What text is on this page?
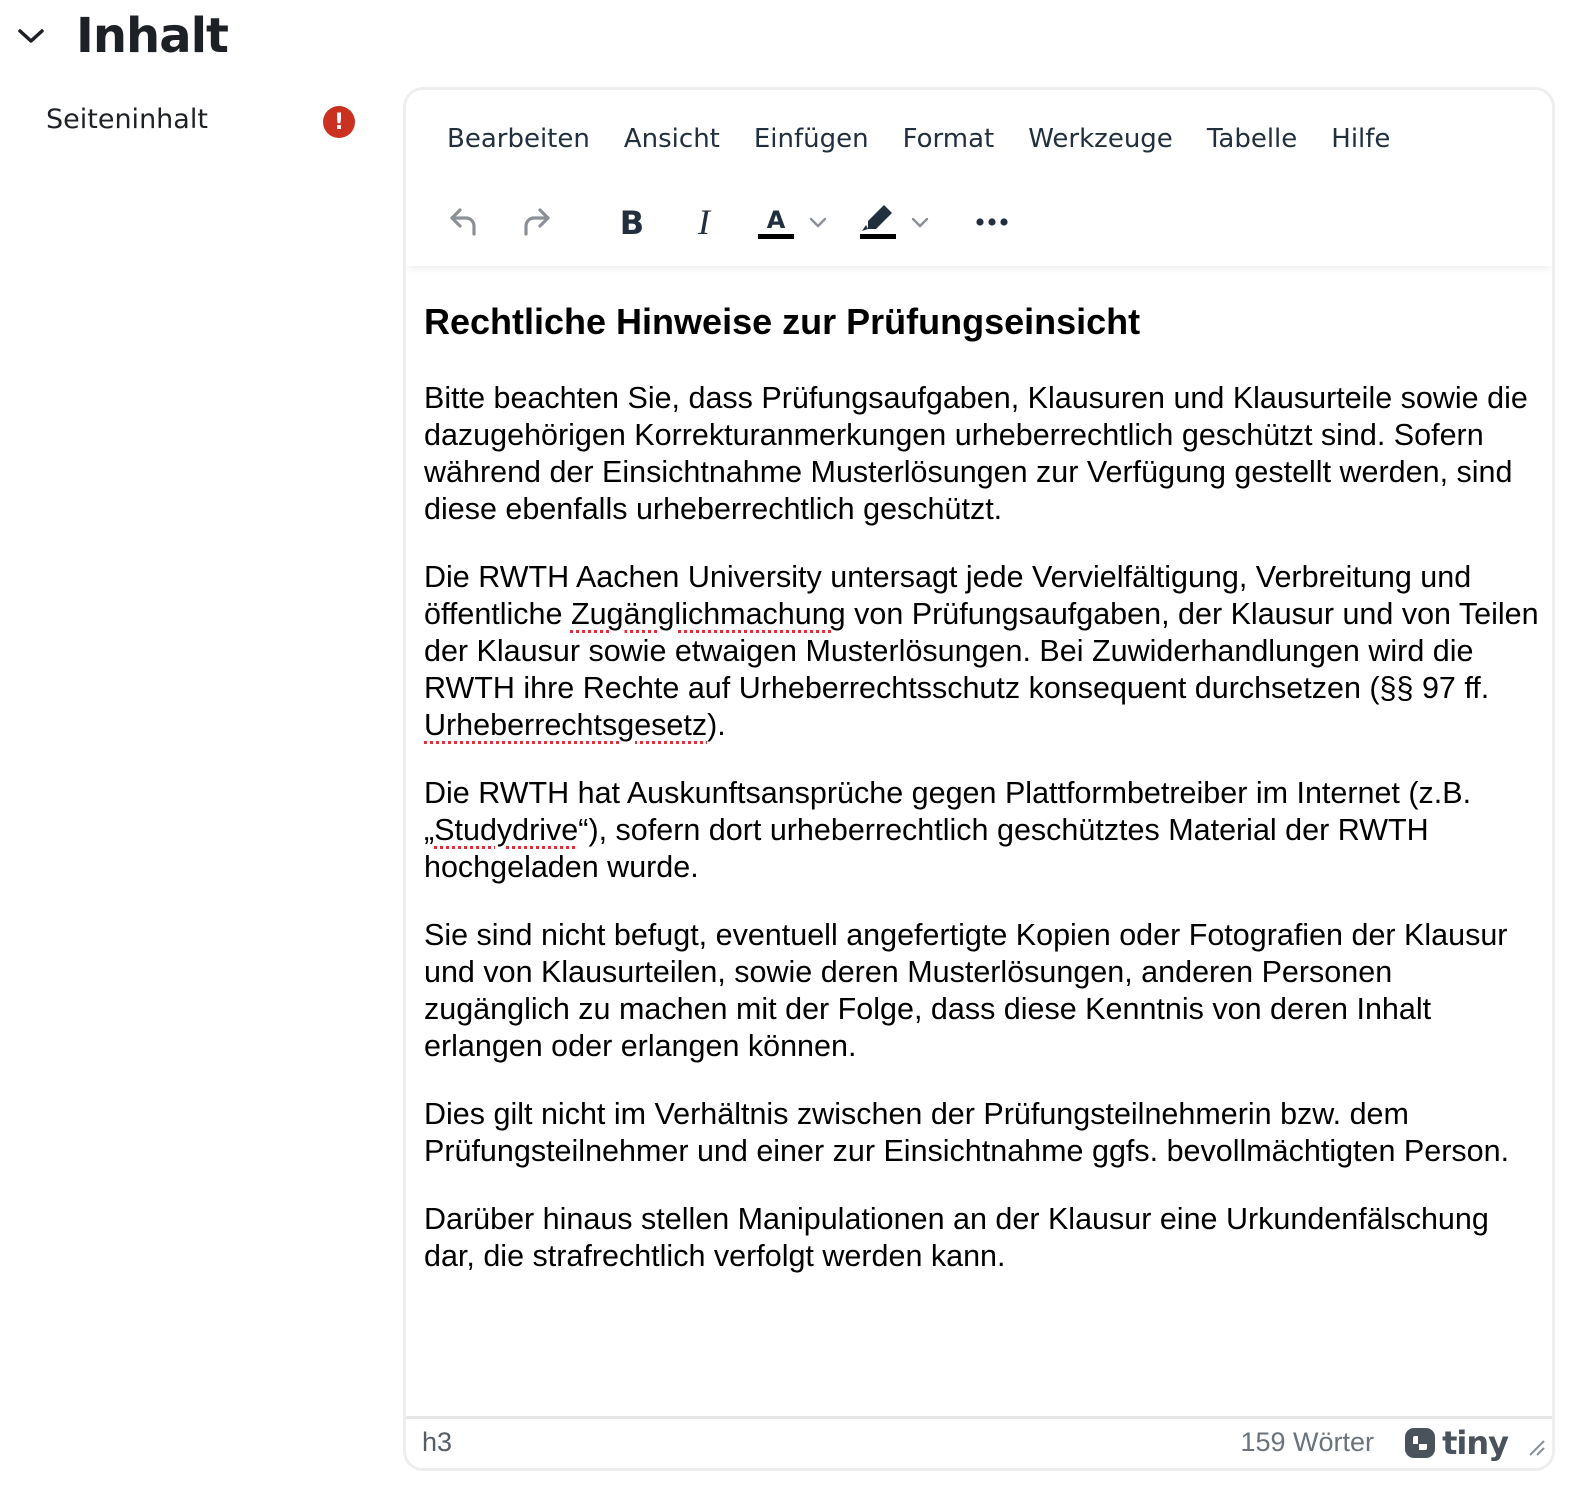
Inhalt
Seiteninhalt	!
Bearbeiten	Ansicht	Einfügen	Format	Werkzeuge	Tabelle	Hilfe
B I A
Rechtliche Hinweise zur Prüfungseinsicht

Bitte beachten Sie, dass Prüfungsaufgaben, Klausuren und Klausurteile sowie die dazugehörigen Korrekturanmerkungen urheberrechtlich geschützt sind. Sofern während der Einsichtnahme Musterlösungen zur Verfügung gestellt werden, sind diese ebenfalls urheberrechtlich geschützt.

Die RWTH Aachen University untersagt jede Vervielfältigung, Verbreitung und öffentliche Zugänglichmachung von Prüfungsaufgaben, der Klausur und von Teilen der Klausur sowie etwaigen Musterlösungen. Bei Zuwiderhandlungen wird die RWTH ihre Rechte auf Urheberrechtsschutz konsequent durchsetzen (§§ 97 ff. Urheberrechtsgesetz).

Die RWTH hat Auskunftsansprüche gegen Plattformbetreiber im Internet (z.B. „Studydrive“), sofern dort urheberrechtlich geschütztes Material der RWTH hochgeladen wurde.

Sie sind nicht befugt, eventuell angefertigte Kopien oder Fotografien der Klausur und von Klausurteilen, sowie deren Musterlösungen, anderen Personen zugänglich zu machen mit der Folge, dass diese Kenntnis von deren Inhalt erlangen oder erlangen können.

Dies gilt nicht im Verhältnis zwischen der Prüfungsteilnehmerin bzw. dem Prüfungsteilnehmer und einer zur Einsichtnahme ggfs. bevollmächtigten Person.

Darüber hinaus stellen Manipulationen an der Klausur eine Urkundenfälschung dar, die strafrechtlich verfolgt werden kann.

h3	159 Wörter tiny
